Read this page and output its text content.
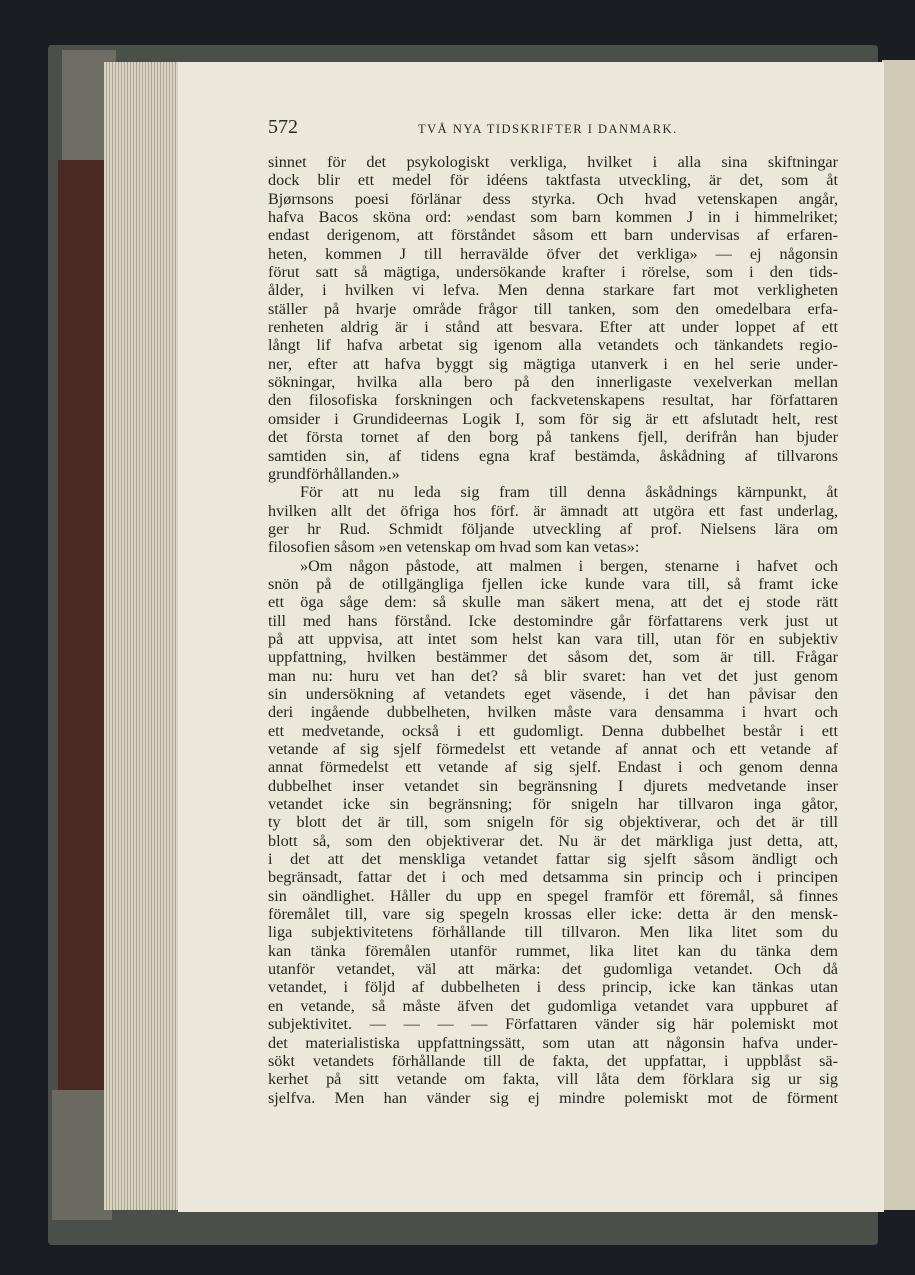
572	TVÅ NYA TIDSKRIFTER I DANMARK.
sinnet för det psykologiskt verkliga, hvilket i alla sina skiftningar
dock blir ett medel för idéens taktfasta utveckling, är det, som åt
Bjørnsons poesi förlänar dess styrka. Och hvad vetenskapen angår,
hafva Bacos sköna ord: »endast som barn kommen J in i himmelriket;
endast derigenom, att förståndet såsom ett barn undervisas af erfaren-
heten, kommen J till herravälde öfver det verkliga» — ej någonsin
förut satt så mägtiga, undersökande krafter i rörelse, som i den tids-
ålder, i hvilken vi lefva. Men denna starkare fart mot verkligheten
ställer på hvarje område frågor till tanken, som den omedelbara erfa-
renheten aldrig är i stånd att besvara. Efter att under loppet af ett
långt lif hafva arbetat sig igenom alla vetandets och tänkandets regio-
ner, efter att hafva byggt sig mägtiga utanverk i en hel serie under-
sökningar, hvilka alla bero på den innerligaste vexelverkan mellan
den filosofiska forskningen och fackvetenskapens resultat, har författaren
omsider i Grundideernas Logik I, som för sig är ett afslutadt helt, rest
det första tornet af den borg på tankens fjell, derifrån han bjuder
samtiden sin, af tidens egna kraf bestämda, åskådning af tillvarons
grundförhållanden.»
För att nu leda sig fram till denna åskådnings kärnpunkt, åt
hvilken allt det öfriga hos förf. är ämnadt att utgöra ett fast underlag,
ger hr Rud. Schmidt följande utveckling af prof. Nielsens lära om
filosofien såsom »en vetenskap om hvad som kan vetas»:
»Om någon påstode, att malmen i bergen, stenarne i hafvet och
snön på de otillgängliga fjellen icke kunde vara till, så framt icke
ett öga såge dem: så skulle man säkert mena, att det ej stode rätt
till med hans förstånd. Icke destomindre går författarens verk just ut
på att uppvisa, att intet som helst kan vara till, utan för en subjektiv
uppfattning, hvilken bestämmer det såsom det, som är till. Frågar
man nu: huru vet han det? så blir svaret: han vet det just genom
sin undersökning af vetandets eget väsende, i det han påvisar den
deri ingående dubbelheten, hvilken måste vara densamma i hvart och
ett medvetande, också i ett gudomligt. Denna dubbelhet består i ett
vetande af sig sjelf förmedelst ett vetande af annat och ett vetande af
annat förmedelst ett vetande af sig sjelf. Endast i och genom denna
dubbelhet inser vetandet sin begränsning I djurets medvetande inser
vetandet icke sin begränsning; för snigeln har tillvaron inga gåtor,
ty blott det är till, som snigeln för sig objektiverar, och det är till
blott så, som den objektiverar det. Nu är det märkliga just detta, att,
i det att det menskliga vetandet fattar sig sjelft såsom ändligt och
begränsadt, fattar det i och med detsamma sin princip och i principen
sin oändlighet. Håller du upp en spegel framför ett föremål, så finnes
föremålet till, vare sig spegeln krossas eller icke: detta är den mensk-
liga subjektivitetens förhållande till tillvaron. Men lika litet som du
kan tänka föremålen utanför rummet, lika litet kan du tänka dem
utanför vetandet, väl att märka: det gudomliga vetandet. Och då
vetandet, i följd af dubbelheten i dess princip, icke kan tänkas utan
en vetande, så måste äfven det gudomliga vetandet vara uppburet af
subjektivitet. — — — — Författaren vänder sig här polemiskt mot
det materialistiska uppfattningssätt, som utan att någonsin hafva under-
sökt vetandets förhållande till de fakta, det uppfattar, i uppblåst sä-
kerhet på sitt vetande om fakta, vill låta dem förklara sig ur sig
sjelfva. Men han vänder sig ej mindre polemiskt mot de förment
